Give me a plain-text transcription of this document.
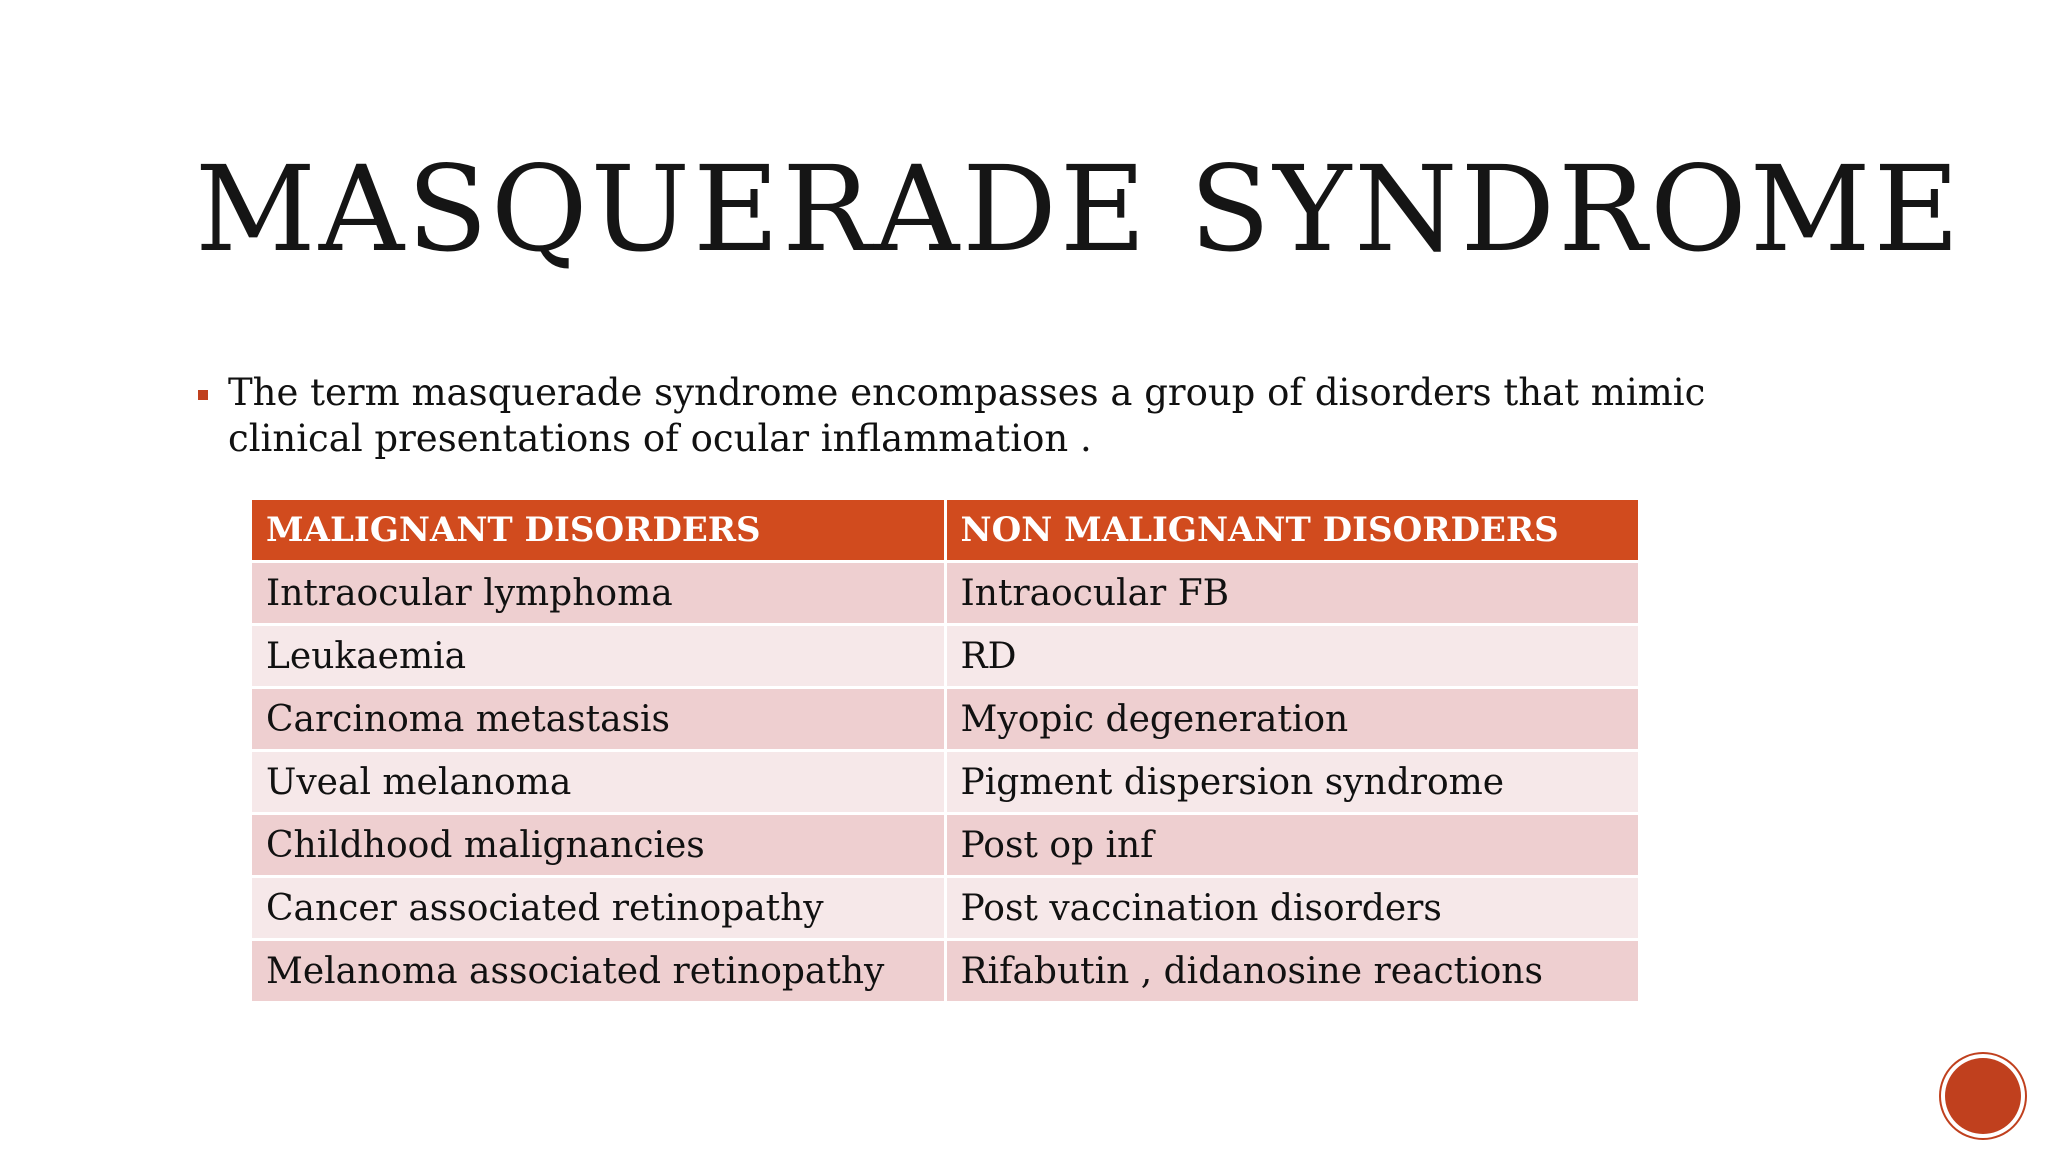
MASQUERADE SYNDROME

The term masquerade syndrome encompasses a group of disorders that mimic clinical presentations of ocular inflammation .

MALIGNANT DISORDERS	NON MALIGNANT DISORDERS
Intraocular lymphoma	Intraocular FB
Leukaemia	RD
Carcinoma metastasis	Myopic degeneration
Uveal melanoma	Pigment dispersion syndrome
Childhood malignancies	Post op inf
Cancer associated retinopathy	Post vaccination disorders
Melanoma associated retinopathy	Rifabutin , didanosine reactions
